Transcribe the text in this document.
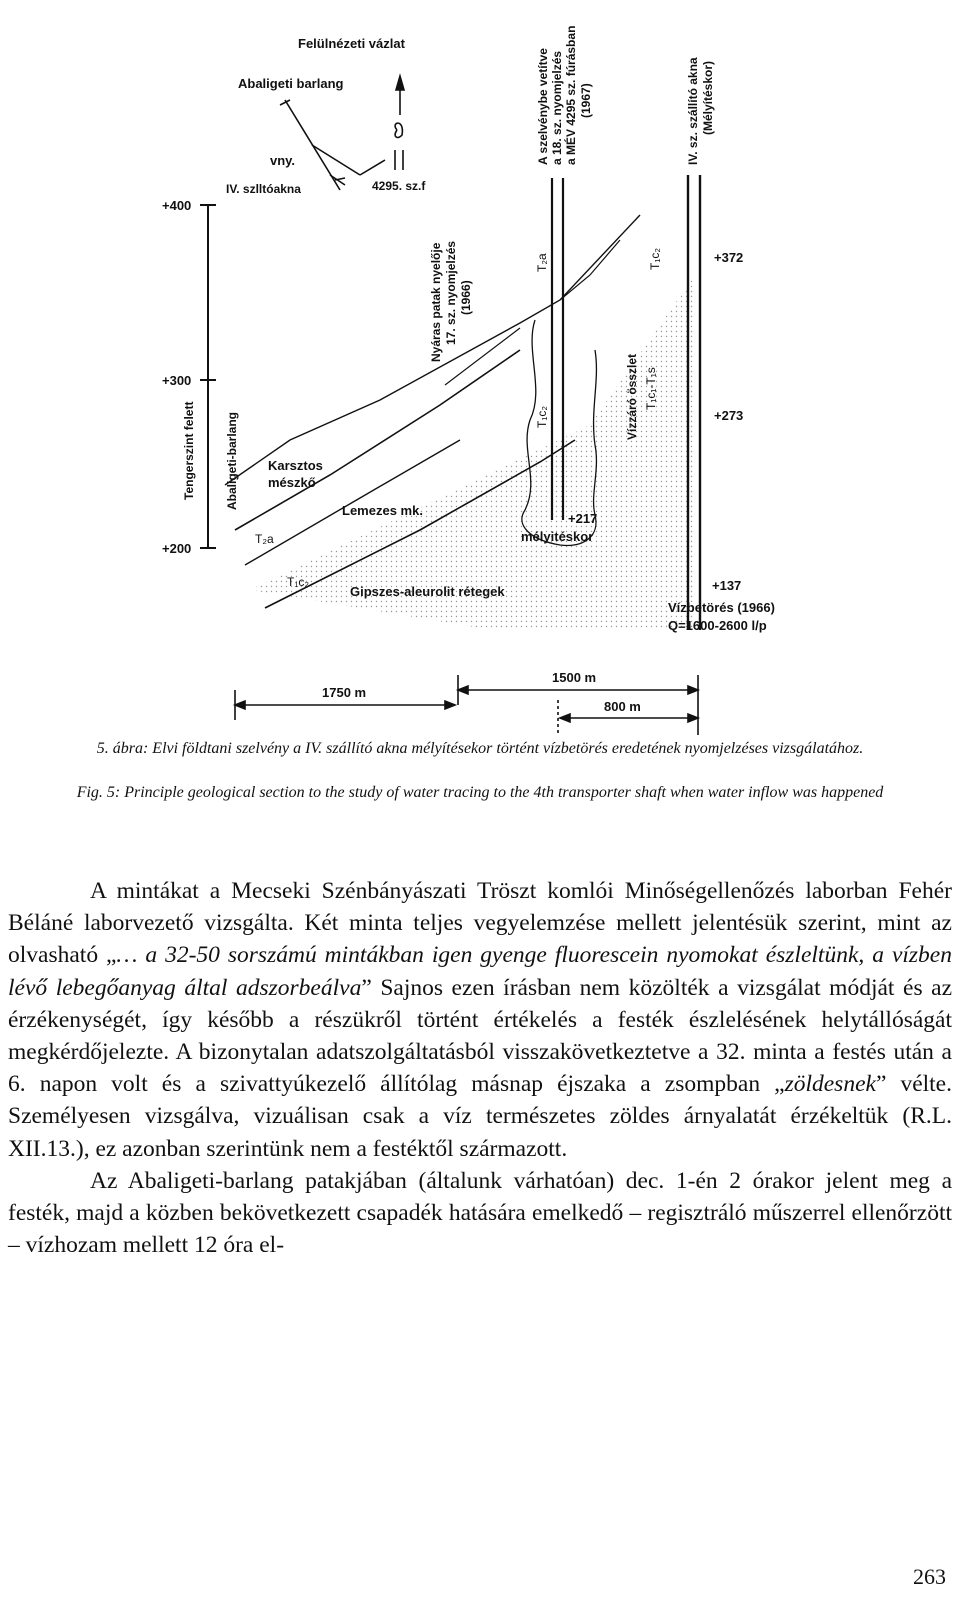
Felülnézeti vázlat
Abaligeti barlang
vny.
IV. szlltóakna	4295. sz.f
+400
+300
+200
Tengerszint felett Abaligeti-barlang Karsztos
mészkő
T₂a
T₁c₂
Lemezes mk.
Gipszes-aleurolit rétegek
Nyáras patak nyelője 17. sz. nyomjelzés (1966)
A szelvénybe vetítve a 18. sz. nyomjelzés a MÉV 4295 sz. fúrásban (1967)
T₂a
T₁c₂
+217
mélyitéskor
Vízzáró összlet T₁c₁-T₁s
IV. sz. szállító akna (Mélyítéskor)
T₁c₂	+372
+273
+137
Vízbetörés (1966)
Q=1600-2600 l/p
1750 m
1500 m
800 m
5. ábra: Elvi földtani szelvény a IV. szállító akna mélyítésekor történt vízbetörés eredetének nyomjelzéses vizsgálatához.
Fig. 5: Principle geological section to the study of water tracing to the 4th transporter shaft when water inflow was happened

A mintákat a Mecseki Szénbányászati Tröszt komlói Minőségellenőzés laborban Fehér Béláné laborvezető vizsgálta. Két minta teljes vegyelemzése mellett jelentésük szerint, mint az olvasható „… a 32-50 sorszámú mintákban igen gyenge fluorescein nyomokat észleltünk, a vízben lévő lebegőanyag által adszorbeálva” Sajnos ezen írásban nem közölték a vizsgálat módját és az érzékenységét, így később a részükről történt értékelés a festék észlelésének helytállóságát megkérdőjelezte. A bizonytalan adatszolgáltatásból visszakövetkeztetve a 32. minta a festés után a 6. napon volt és a szivattyúkezelő állítólag másnap éjszaka a zsompban „zöldesnek” vélte. Személyesen vizsgálva, vizuálisan csak a víz természetes zöldes árnyalatát érzékeltük (R.L. XII.13.), ez azonban szerintünk nem a festéktől származott.

Az Abaligeti-barlang patakjában (általunk várhatóan) dec. 1-én 2 órakor jelent meg a festék, majd a közben bekövetkezett csapadék hatására emelkedő – regisztráló műszerrel ellenőrzött – vízhozam mellett 12 óra el-

263
